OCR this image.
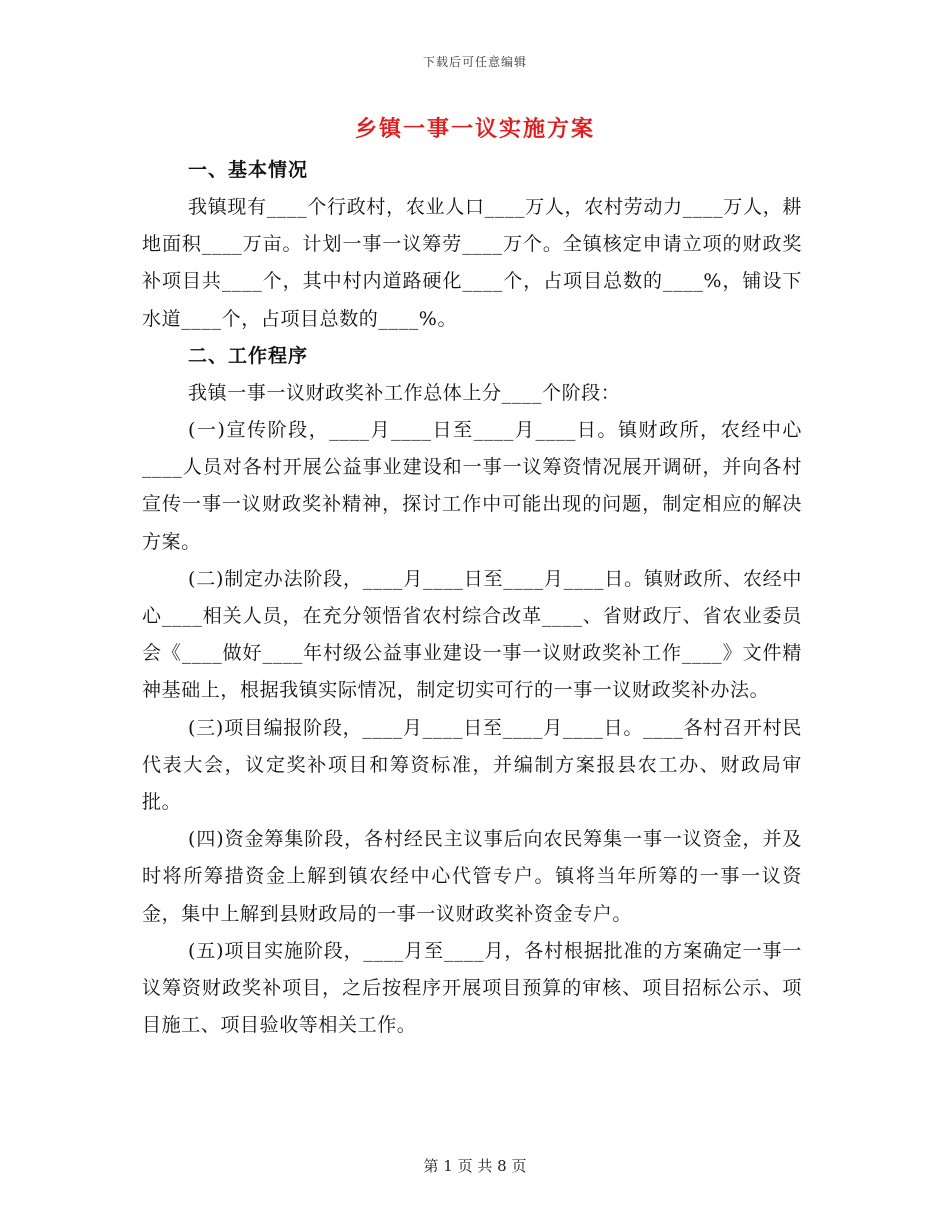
下载后可任意编辑
乡镇一事一议实施方案
一、基本情况

我镇现有____个行政村，农业人口____万人，农村劳动力____万人，耕地面积____万亩。计划一事一议筹劳____万个。全镇核定申请立项的财政奖补项目共____个，其中村内道路硬化____个，占项目总数的____%，铺设下水道____个，占项目总数的____%。

二、工作程序

我镇一事一议财政奖补工作总体上分____个阶段：

(一)宣传阶段，____月____日至____月____日。镇财政所，农经中心____人员对各村开展公益事业建设和一事一议筹资情况展开调研，并向各村宣传一事一议财政奖补精神，探讨工作中可能出现的问题，制定相应的解决方案。

(二)制定办法阶段，____月____日至____月____日。镇财政所、农经中心____相关人员，在充分领悟省农村综合改革____、省财政厅、省农业委员会《____做好____年村级公益事业建设一事一议财政奖补工作____》文件精神基础上，根据我镇实际情况，制定切实可行的一事一议财政奖补办法。

(三)项目编报阶段，____月____日至____月____日。____各村召开村民代表大会，议定奖补项目和筹资标准，并编制方案报县农工办、财政局审批。

(四)资金筹集阶段，各村经民主议事后向农民筹集一事一议资金，并及时将所筹措资金上解到镇农经中心代管专户。镇将当年所筹的一事一议资金，集中上解到县财政局的一事一议财政奖补资金专户。

(五)项目实施阶段，____月至____月，各村根据批准的方案确定一事一议筹资财政奖补项目，之后按程序开展项目预算的审核、项目招标公示、项目施工、项目验收等相关工作。

第 1 页 共 8 页
